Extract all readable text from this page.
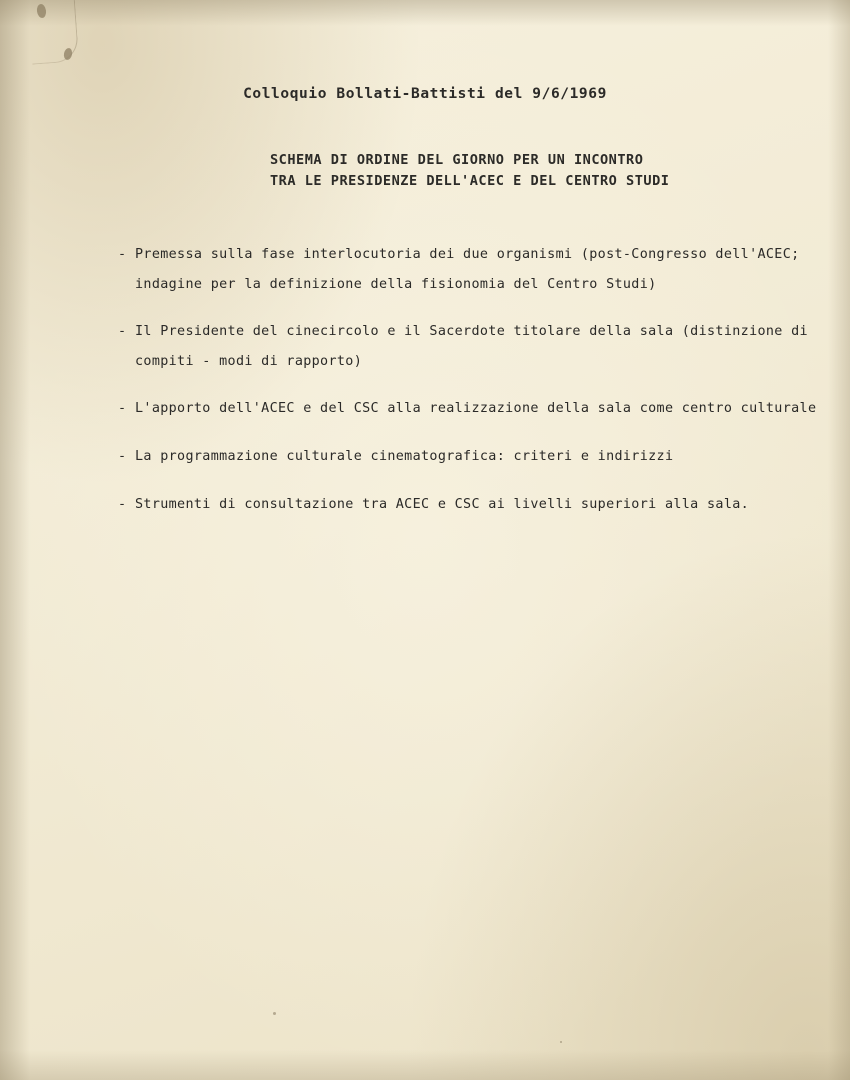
Colloquio Bollati-Battisti del 9/6/1969
SCHEMA DI ORDINE DEL GIORNO PER UN INCONTRO
TRA LE PRESIDENZE DELL'ACEC E DEL CENTRO STUDI
- Premessa sulla fase interlocutoria dei due organismi (post-Congresso dell'ACEC;
indagine per la definizione della fisionomia del Centro Studi)
- Il Presidente del cinecircolo e il Sacerdote titolare della sala (distinzione di
compiti - modi di rapporto)
- L'apporto dell'ACEC e del CSC alla realizzazione della sala come centro culturale
- La programmazione culturale cinematografica: criteri e indirizzi
- Strumenti di consultazione tra ACEC e CSC ai livelli superiori alla sala.
